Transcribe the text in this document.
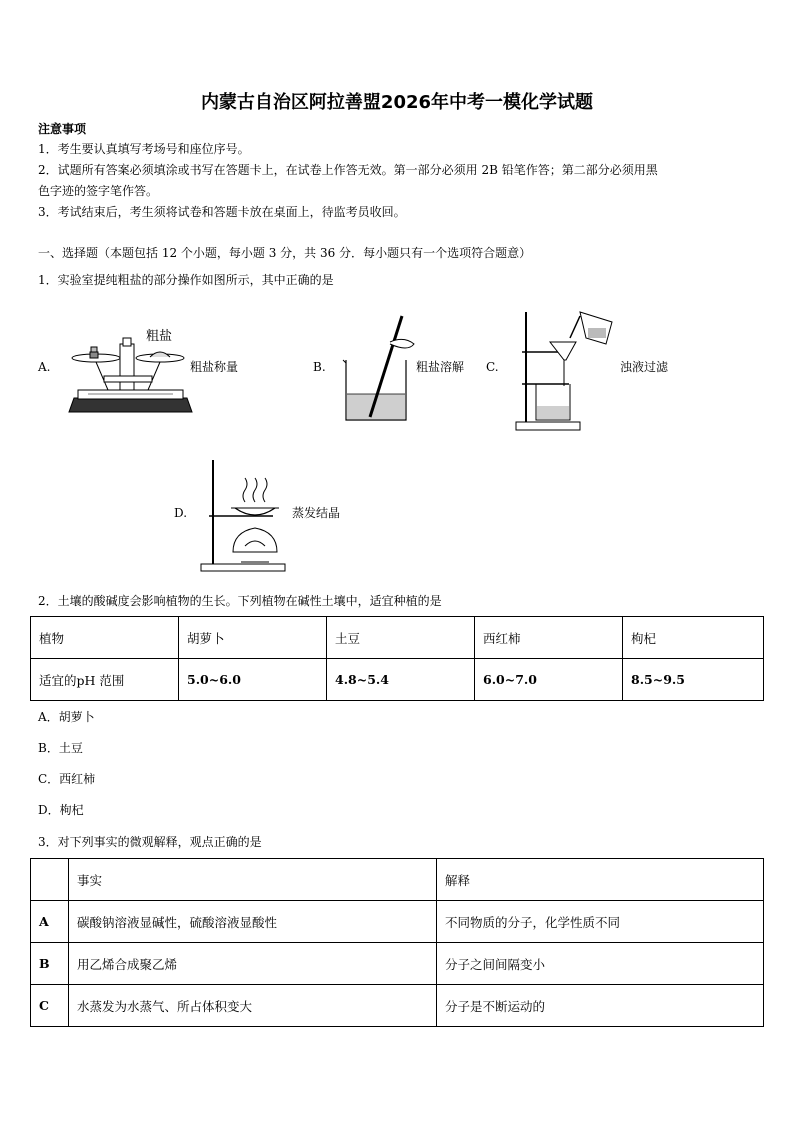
内蒙古自治区阿拉善盟2026年中考一模化学试题
注意事项
1．考生要认真填写考场号和座位序号。
2．试题所有答案必须填涂或书写在答题卡上，在试卷上作答无效。第一部分必须用 2B 铅笔作答；第二部分必须用黑
色字迹的签字笔作答。
3．考试结束后，考生须将试卷和答题卡放在桌面上，待监考员收回。
一、选择题（本题包括 12 个小题，每小题 3 分，共 36 分．每小题只有一个选项符合题意）
1．实验室提纯粗盐的部分操作如图所示，其中正确的是
A.
粗盐
粗盐称量	B.	粗盐溶解 C.	浊液过滤
D.	蒸发结晶
2．土壤的酸碱度会影响植物的生长。下列植物在碱性土壤中，适宜种植的是
植物	胡萝卜	土豆	西红柿	枸杞
适宜的pH 范围	5.0~6.0	4.8~5.4	6.0~7.0	8.5~9.5
A．胡萝卜
B．土豆
C．西红柿
D．枸杞
3．对下列事实的微观解释，观点正确的是
	事实	解释
A	碳酸钠溶液显碱性，硫酸溶液显酸性	不同物质的分子，化学性质不同
B	用乙烯合成聚乙烯	分子之间间隔变小
C	水蒸发为水蒸气、所占体积变大	分子是不断运动的
